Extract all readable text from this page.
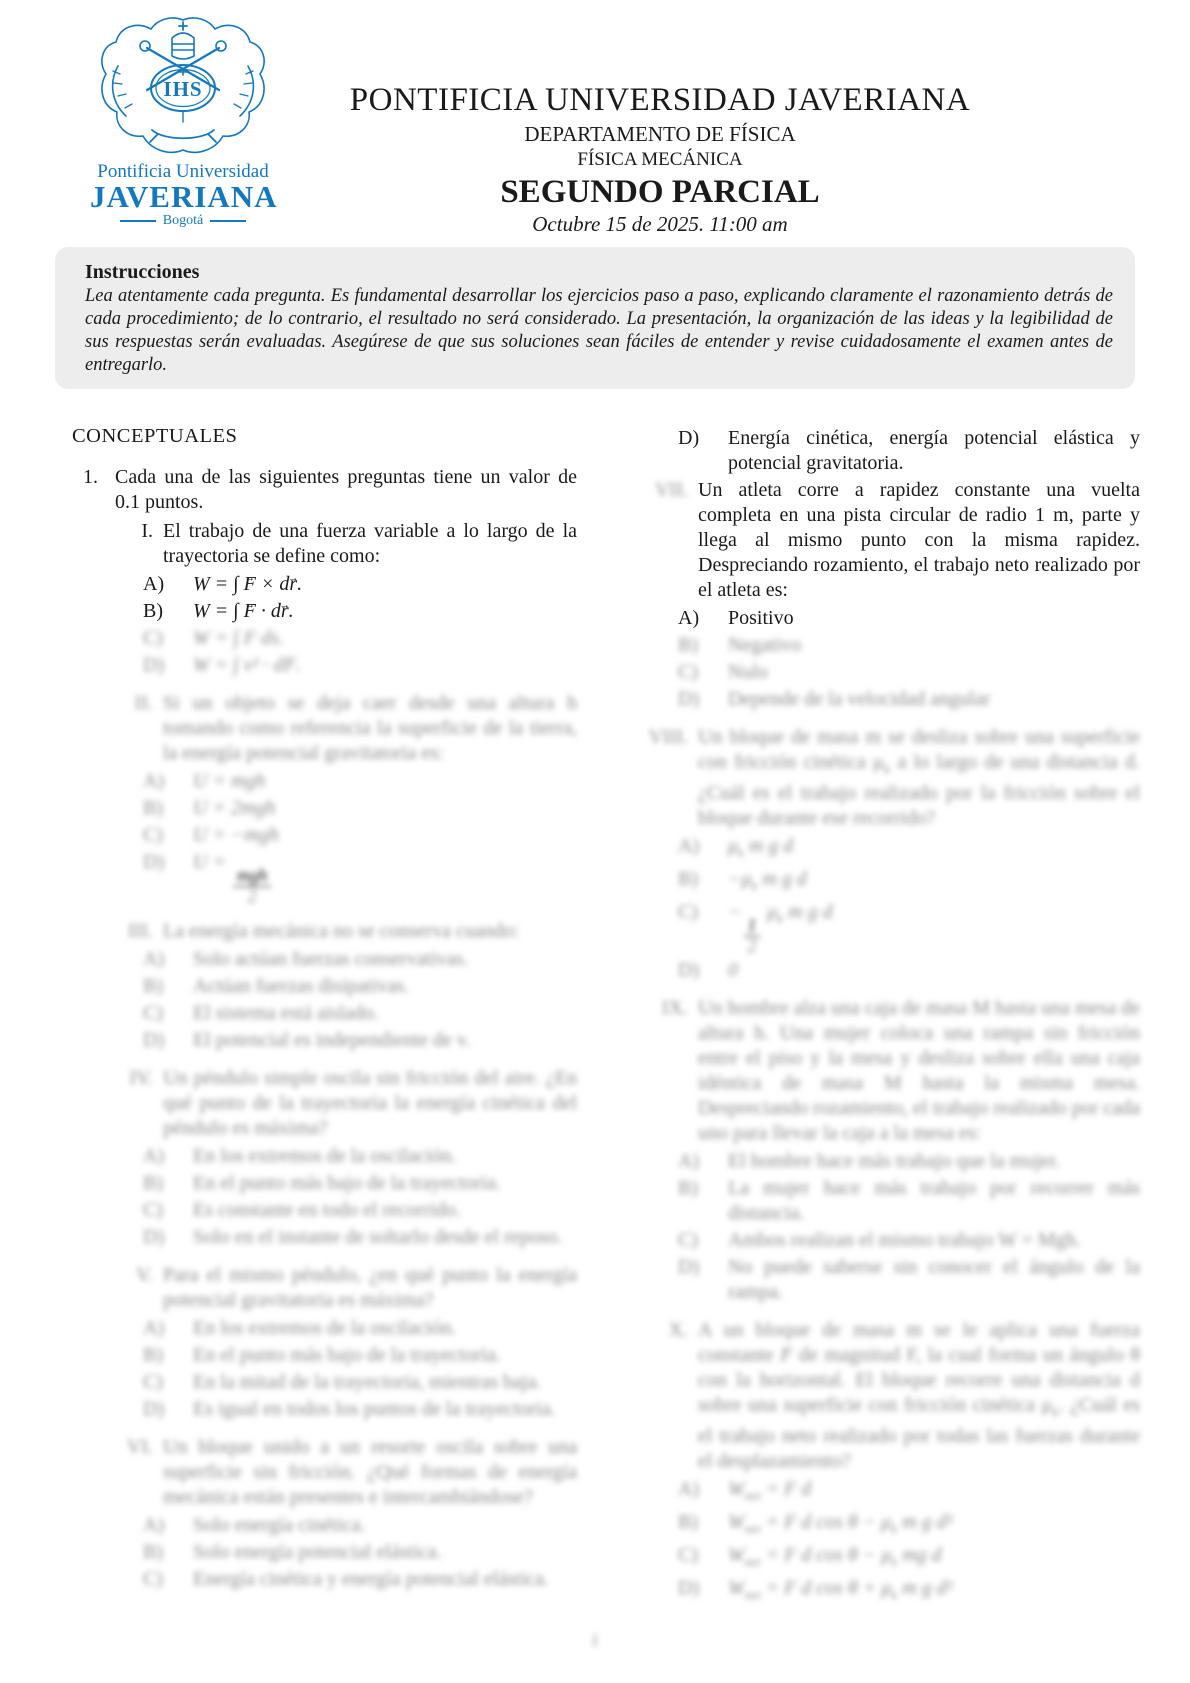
IHS
Pontificia Universidad
JAVERIANA
Bogotá
PONTIFICIA UNIVERSIDAD JAVERIANA
DEPARTAMENTO DE FÍSICA
FÍSICA MECÁNICA
SEGUNDO PARCIAL
Octubre 15 de 2025. 11:00 am
Instrucciones
Lea atentamente cada pregunta. Es fundamental desarrollar los ejercicios paso a paso, explicando claramente el razonamiento detrás de cada procedimiento; de lo contrario, el resultado no será considerado. La presentación, la organización de las ideas y la legibilidad de sus respuestas serán evaluadas. Asegúrese de que sus soluciones sean fáciles de entender y revise cuidadosamente el examen antes de entregarlo.
CONCEPTUALES
1. Cada una de las siguientes preguntas tiene un valor de 0.1 puntos.
I. El trabajo de una fuerza variable a lo largo de la trayectoria se define como:
A)	W = ∫ F → × dr →.
B)	W = ∫ F → · dr →.
C)	W = ∫ F ds.
D)	W = ∫ v² · dF →.
II. Si un objeto se deja caer desde una altura h tomando como referencia la superficie de la tierra, la energía potencial gravitatoria es:
A)	U = mgh
B)	U = 2mgh
C)	U = −mgh
D)	U =
$\frac{\text{mgh}}{2}$
III. La energía mecánica no se conserva cuando:
A)	Solo actúan fuerzas conservativas.
B)	Actúan fuerzas disipativas.
C)	El sistema está aislado.
D)	El potencial es independiente de v.
IV. Un péndulo simple oscila sin fricción del aire. ¿En qué punto de la trayectoria la energía cinética del péndulo es máxima?
A)	En los extremos de la oscilación.
B)	En el punto más bajo de la trayectoria.
C)	Es constante en todo el recorrido.
D)	Solo en el instante de soltarlo desde el reposo.
V. Para el mismo péndulo, ¿en qué punto la energía potencial gravitatoria es máxima?
A)	En los extremos de la oscilación.
B)	En el punto más bajo de la trayectoria.
C)	En la mitad de la trayectoria, mientras baja.
D)	Es igual en todos los puntos de la trayectoria.
VI. Un bloque unido a un resorte oscila sobre una superficie sin fricción. ¿Qué formas de energía mecánica están presentes e intercambiándose?
A)	Solo energía cinética.
B)	Solo energía potencial elástica.
C)	Energía cinética y energía potencial elástica.
D)	Energía cinética, energía potencial elástica y potencial gravitatoria.
VII. Un atleta corre a rapidez constante una vuelta completa en una pista circular de radio 1 m, parte y llega al mismo punto con la misma rapidez. Despreciando rozamiento, el trabajo neto realizado por el atleta es:
A)	Positivo
B)	Negativo
C)	Nulo
D)	Depende de la velocidad angular
VIII. Un bloque de masa m se desliza sobre una superficie con fricción cinética $\mu_k$ a lo largo de una distancia d. ¿Cuál es el trabajo realizado por la fricción sobre el bloque durante ese recorrido?
A)	$\mu_k$ m g d
B)	$-\mu_k$ m g d
C)	−
$\frac{1}{2}$
$\mu_k$ m g d
D)	0
IX. Un hombre alza una caja de masa M hasta una mesa de altura h. Una mujer coloca una rampa sin fricción entre el piso y la mesa y desliza sobre ella una caja idéntica de masa M hasta la misma mesa. Despreciando rozamiento, el trabajo realizado por cada uno para llevar la caja a la mesa es:
A)	El hombre hace más trabajo que la mujer.
B)	La mujer hace más trabajo por recorrer más distancia.
C)	Ambos realizan el mismo trabajo W = Mgh.
D)	No puede saberse sin conocer el ángulo de la rampa.
X. A un bloque de masa m se le aplica una fuerza constante F → de magnitud F, la cual forma un ángulo θ con la horizontal. El bloque recorre una distancia d sobre una superficie con fricción cinética $\mu_k$. ¿Cuál es el trabajo neto realizado por todas las fuerzas durante el desplazamiento?
A)	$W_{net} = F$ d
B)	$W_{net} = F$ d $\cos \theta - \mu_k$ m g d²
C)	$W_{net} = F$ d $\cos \theta - \mu_k$ mg d
D)	$W_{net} = F$ d $\cos \theta + \mu_k$ m g d²
i
